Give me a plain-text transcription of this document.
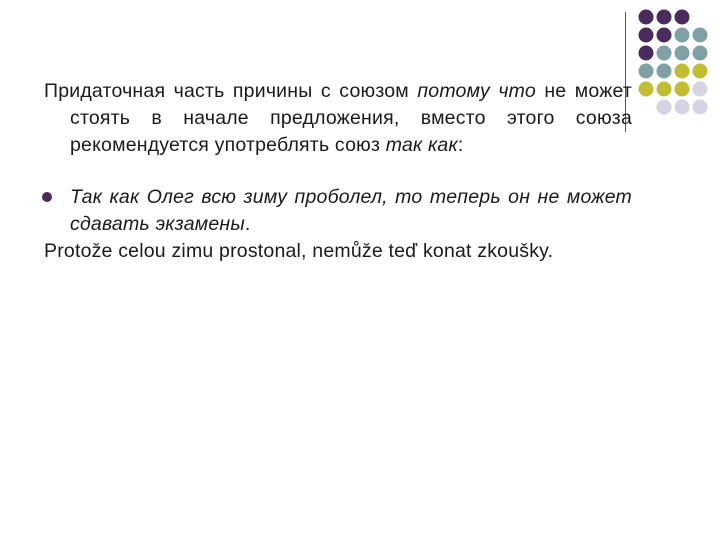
Придаточная часть причины с союзом потому что не может стоять в начале предложения, вместо этого союза рекомендуется употреблять союз так как:

Так как Олег всю зиму проболел, то теперь он не может сдавать экзамены.

Protože celou zimu prostonal, nemůže teď konat zkoušky.
